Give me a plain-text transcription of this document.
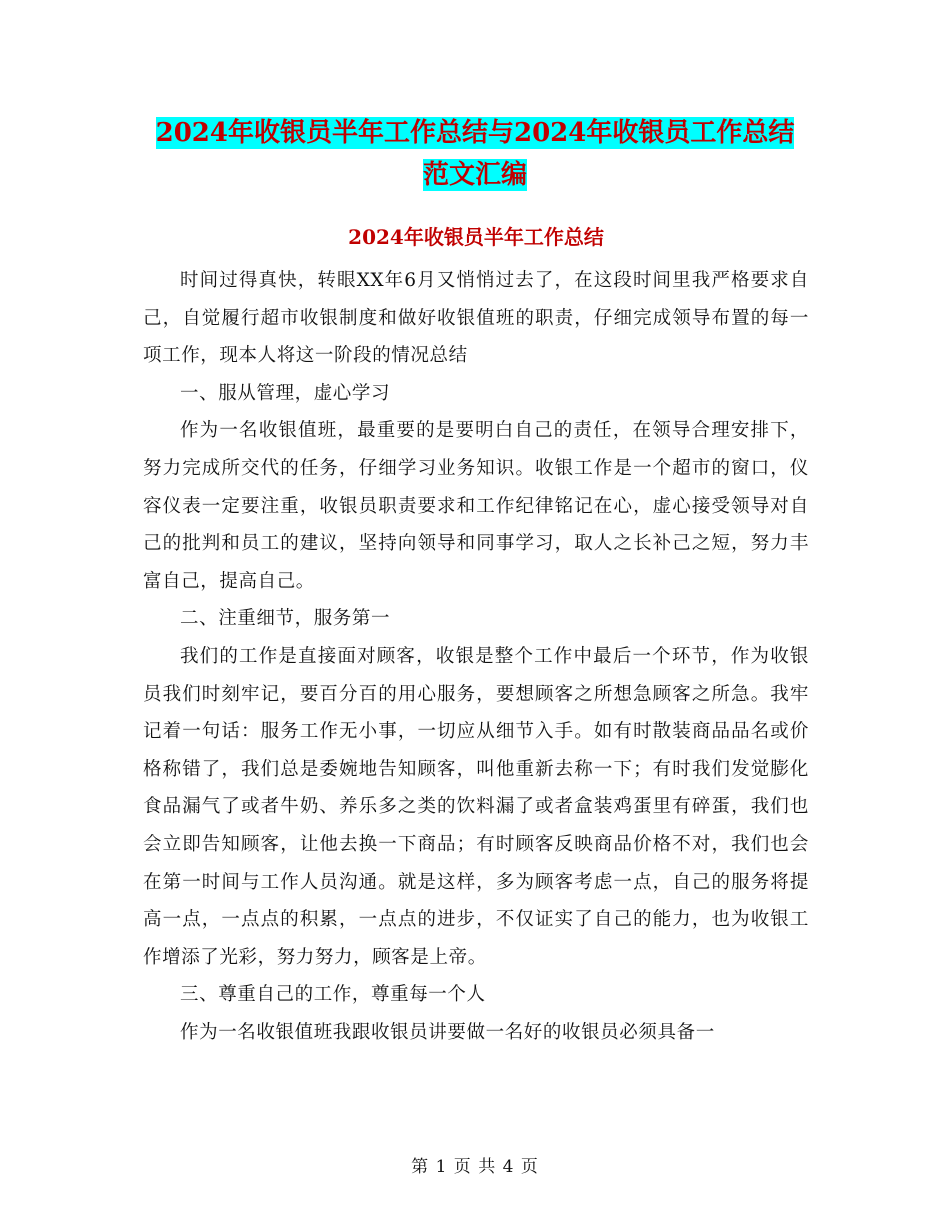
2024年收银员半年工作总结与2024年收银员工作总结
范文汇编
2024年收银员半年工作总结

时间过得真快，转眼XX年6月又悄悄过去了，在这段时间里我严格要求自己，自觉履行超市收银制度和做好收银值班的职责，仔细完成领导布置的每一项工作，现本人将这一阶段的情况总结

一、服从管理，虚心学习

作为一名收银值班，最重要的是要明白自己的责任，在领导合理安排下，努力完成所交代的任务，仔细学习业务知识。收银工作是一个超市的窗口，仪容仪表一定要注重，收银员职责要求和工作纪律铭记在心，虚心接受领导对自己的批判和员工的建议，坚持向领导和同事学习，取人之长补己之短，努力丰富自己，提高自己。

二、注重细节，服务第一

我们的工作是直接面对顾客，收银是整个工作中最后一个环节，作为收银员我们时刻牢记，要百分百的用心服务，要想顾客之所想急顾客之所急。我牢记着一句话：服务工作无小事，一切应从细节入手。如有时散装商品品名或价格称错了，我们总是委婉地告知顾客，叫他重新去称一下；有时我们发觉膨化食品漏气了或者牛奶、养乐多之类的饮料漏了或者盒装鸡蛋里有碎蛋，我们也会立即告知顾客，让他去换一下商品；有时顾客反映商品价格不对，我们也会在第一时间与工作人员沟通。就是这样，多为顾客考虑一点，自己的服务将提高一点，一点点的积累，一点点的进步，不仅证实了自己的能力，也为收银工作增添了光彩，努力努力，顾客是上帝。

三、尊重自己的工作，尊重每一个人

作为一名收银值班我跟收银员讲要做一名好的收银员必须具备一

第 1 页 共 4 页
